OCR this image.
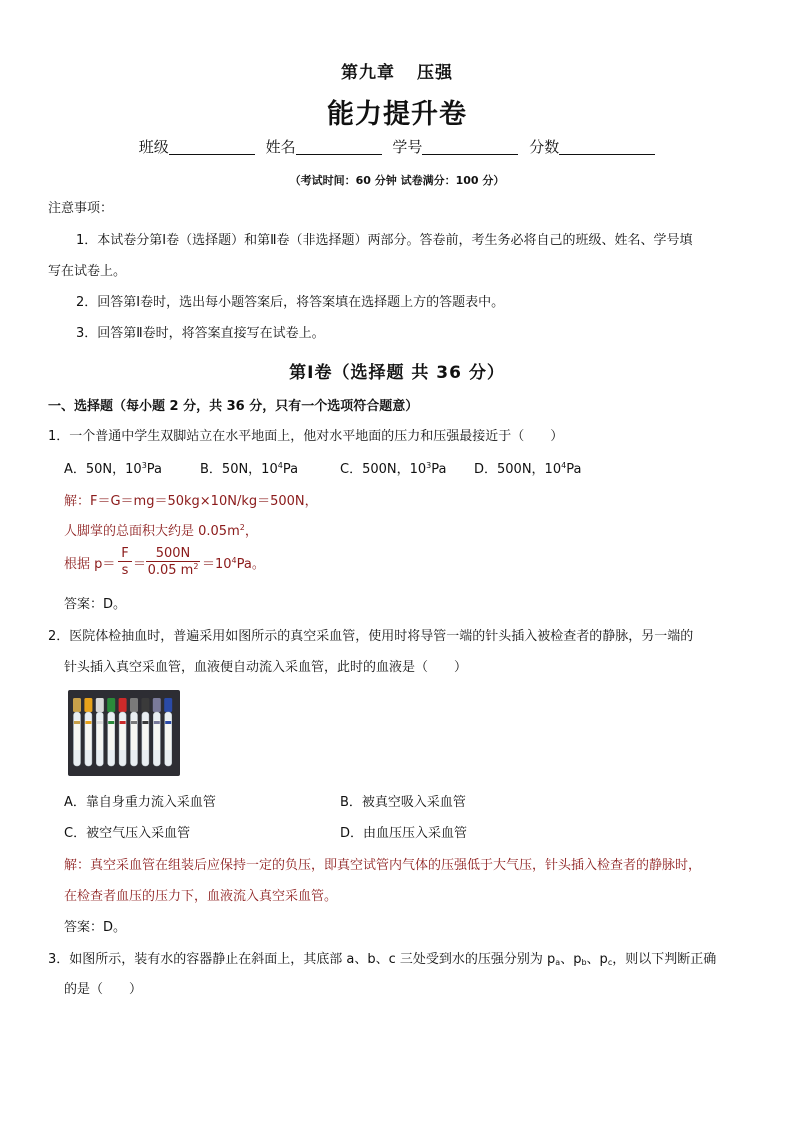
第九章 压强
能力提升卷
班级	姓名	学号	分数
（考试时间：60 分钟 试卷满分：100 分）
注意事项：
1．本试卷分第Ⅰ卷（选择题）和第Ⅱ卷（非选择题）两部分。答卷前，考生务必将自己的班级、姓名、学号填
写在试卷上。
2．回答第Ⅰ卷时，选出每小题答案后，将答案填在选择题上方的答题表中。
3．回答第Ⅱ卷时，将答案直接写在试卷上。
第Ⅰ卷（选择题 共 36 分）
一、选择题（每小题 2 分，共 36 分，只有一个选项符合题意）
1．一个普通中学生双脚站立在水平地面上，他对水平地面的压力和压强最接近于（　　）
A．50N，$10^3Pa$	B．50N，$10^4Pa$	C．500N，$10^3Pa$ D．500N，$10^4Pa$
解：F＝G＝mg＝50kg×10N/kg＝500N，
人脚掌的总面积大约是 $0.05m^2$，
根据 $p= \frac{F}{s} = \frac{500N}{0.05 m^2} =10^4Pa$。
答案：D。
2．医院体检抽血时，普遍采用如图所示的真空采血管，使用时将导管一端的针头插入被检查者的静脉，另一端的
针头插入真空采血管，血液便自动流入采血管，此时的血液是（　　）
A．靠自身重力流入采血管	B．被真空吸入采血管
C．被空气压入采血管	D．由血压压入采血管
解：真空采血管在组装后应保持一定的负压，即真空试管内气体的压强低于大气压，针头插入检查者的静脉时，
在检查者血压的压力下，血液流入真空采血管。
答案：D。
3．如图所示，装有水的容器静止在斜面上，其底部 a、b、c 三处受到水的压强分别为 $p_a$、$p_b$、$p_c$，则以下判断正确
的是（　　）
